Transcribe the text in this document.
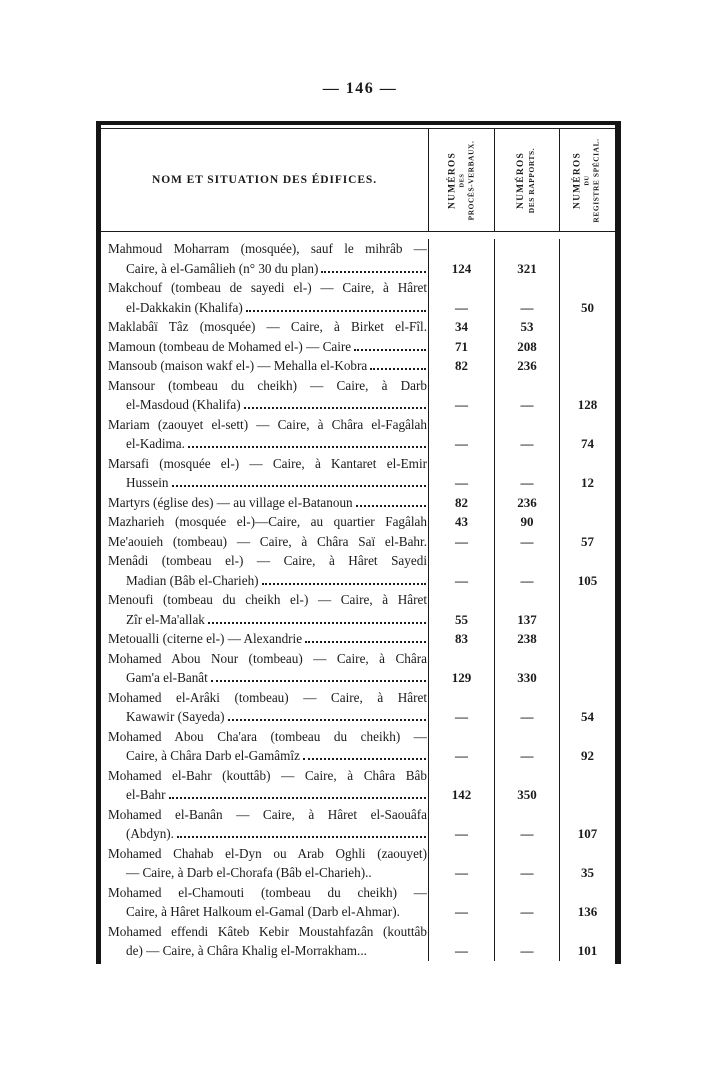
— 146 —
NOM ET SITUATION DES ÉDIFICES.	NUMÉROS DES PROCÈS-VERBAUX.	NUMÉROS DES RAPPORTS.	NUMÉROS DU REGISTRE SPÉCIAL.
Mahmoud Moharram (mosquée), sauf le mihrâb —
Caire, à el-Gamâlieh (n° 30 du plan)	124	321
Makchouf (tombeau de sayedi el-) — Caire, à Hâret
el-Dakkakin (Khalifa)	—	—	50
Maklabâï Tâz (mosquée) — Caire, à Birket el-Fîl.	34	53
Mamoun (tombeau de Mohamed el-) — Caire	71	208
Mansoub (maison wakf el-) — Mehalla el-Kobra	82	236
Mansour (tombeau du cheikh) — Caire, à Darb
el-Masdoud (Khalifa)	—	—	128
Mariam (zaouyet el-sett) — Caire, à Châra el-Fagâlah
el-Kadima.	—	—	74
Marsafi (mosquée el-) — Caire, à Kantaret el-Emir
Hussein	—	—	12
Martyrs (église des) — au village el-Batanoun	82	236
Mazharieh (mosquée el-)—Caire, au quartier Fagâlah	43	90
Me'aouieh (tombeau) — Caire, à Châra Saï el-Bahr.	—	—	57
Menâdi (tombeau el-) — Caire, à Hâret Sayedi
Madian (Bâb el-Charieh)	—	—	105
Menoufi (tombeau du cheikh el-) — Caire, à Hâret
Zîr el-Ma'allak	55	137
Metoualli (citerne el-) — Alexandrie	83	238
Mohamed Abou Nour (tombeau) — Caire, à Châra
Gam'a el-Banât	129	330
Mohamed el-Arâki (tombeau) — Caire, à Hâret
Kawawir (Sayeda)	—	—	54
Mohamed Abou Cha'ara (tombeau du cheikh) —
Caire, à Châra Darb el-Gamâmîz	—	—	92
Mohamed el-Bahr (kouttâb) — Caire, à Châra Bâb
el-Bahr	142	350
Mohamed el-Banân — Caire, à Hâret el-Saouâfa
(Abdyn).	—	—	107
Mohamed Chahab el-Dyn ou Arab Oghli (zaouyet)
— Caire, à Darb el-Chorafa (Bâb el-Charieh)..	—	—	35
Mohamed el-Chamouti (tombeau du cheikh) —
Caire, à Hâret Halkoum el-Gamal (Darb el-Ahmar).	—	—	136
Mohamed effendi Kâteb Kebir Moustahfazân (kouttâb
de) — Caire, à Châra Khalig el-Morrakham...	—	—	101
